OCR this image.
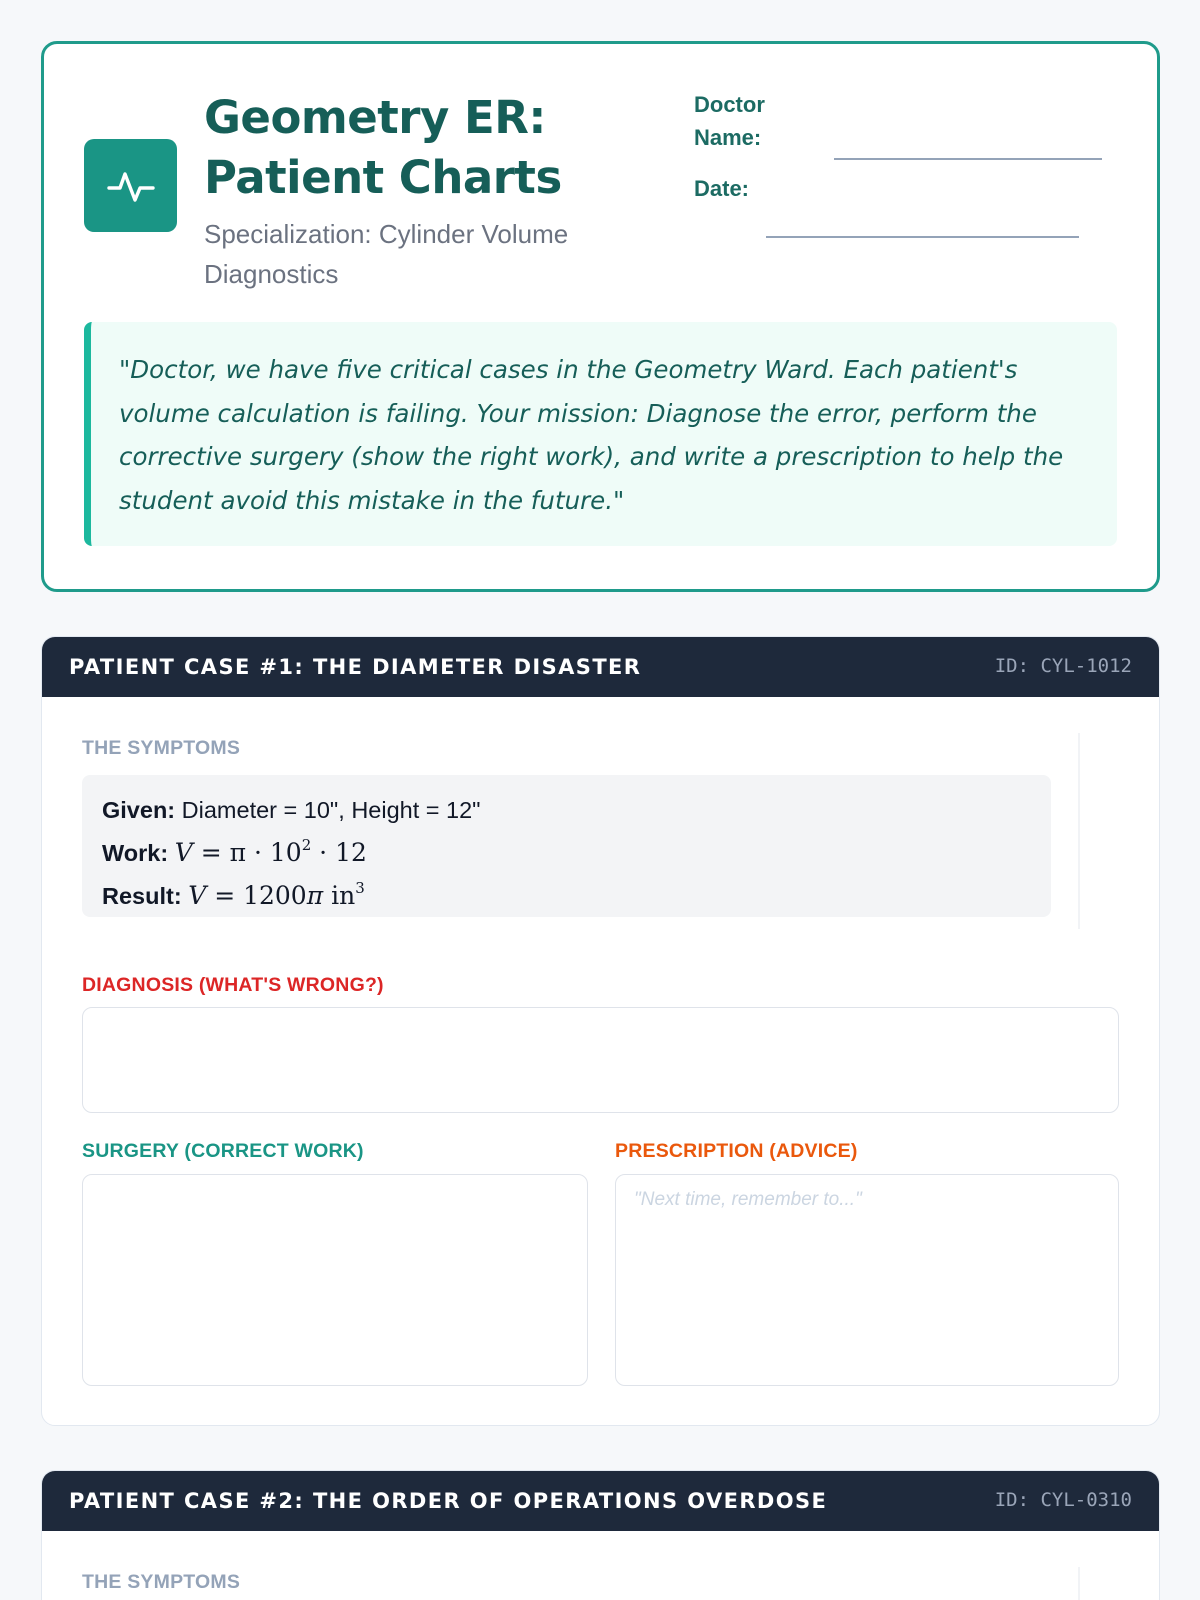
Geometry ER: Patient Charts
Specialization: Cylinder Volume Diagnostics
Doctor Name:
Date:
"Doctor, we have five critical cases in the Geometry Ward. Each patient's volume calculation is failing. Your mission: Diagnose the error, perform the corrective surgery (show the right work), and write a prescription to help the student avoid this mistake in the future."
PATIENT CASE #1: THE DIAMETER DISASTER	ID: CYL-1012
THE SYMPTOMS
Given: Diameter = 10", Height = 12"
Work: $V = \pi \cdot 10^2 \cdot 12$
Result: V = 1200π $in^3$
DIAGNOSIS (WHAT'S WRONG?)
SURGERY (CORRECT WORK)	PRESCRIPTION (ADVICE)
"Next time, remember to..."
PATIENT CASE #2: THE ORDER OF OPERATIONS OVERDOSE	ID: CYL-0310
THE SYMPTOMS
